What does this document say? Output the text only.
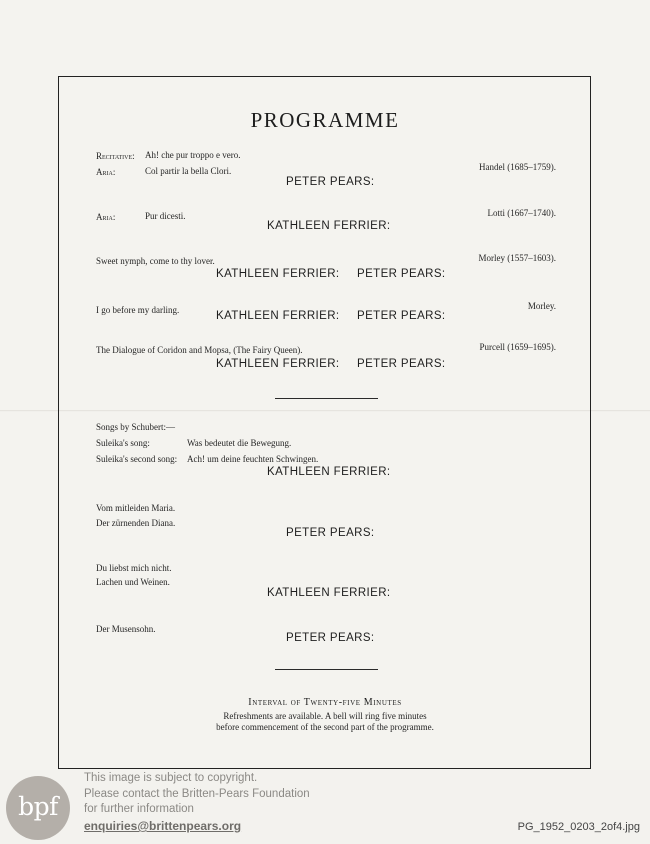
PROGRAMME
Recitative: Ah! che pur troppo e vero.
Aria:	Col partir la bella Clori.	Handel (1685–1759).
PETER PEARS:
Aria:	Pur dicesti.	Lotti (1667–1740).
KATHLEEN FERRIER:
Sweet nymph, come to thy lover.	Morley (1557–1603).
KATHLEEN FERRIER: PETER PEARS:
I go before my darling.	Morley.
KATHLEEN FERRIER: PETER PEARS:
The Dialogue of Coridon and Mopsa, (The Fairy Queen).	Purcell (1659–1695).
KATHLEEN FERRIER: PETER PEARS:
Songs by Schubert:—
Suleika's song:	Was bedeutet die Bewegung.
Suleika's second song: Ach! um deine feuchten Schwingen.
KATHLEEN FERRIER:
Vom mitleiden Maria.
Der zürnenden Diana.
PETER PEARS:
Du liebst mich nicht.
Lachen und Weinen.
KATHLEEN FERRIER:
Der Musensohn.
PETER PEARS:
Interval of Twenty-five Minutes
Refreshments are available. A bell will ring five minutes
before commencement of the second part of the programme.
bpf
This image is subject to copyright.
Please contact the Britten-Pears Foundation
for further information
enquiries@brittenpears.org	PG_1952_0203_2of4.jpg
